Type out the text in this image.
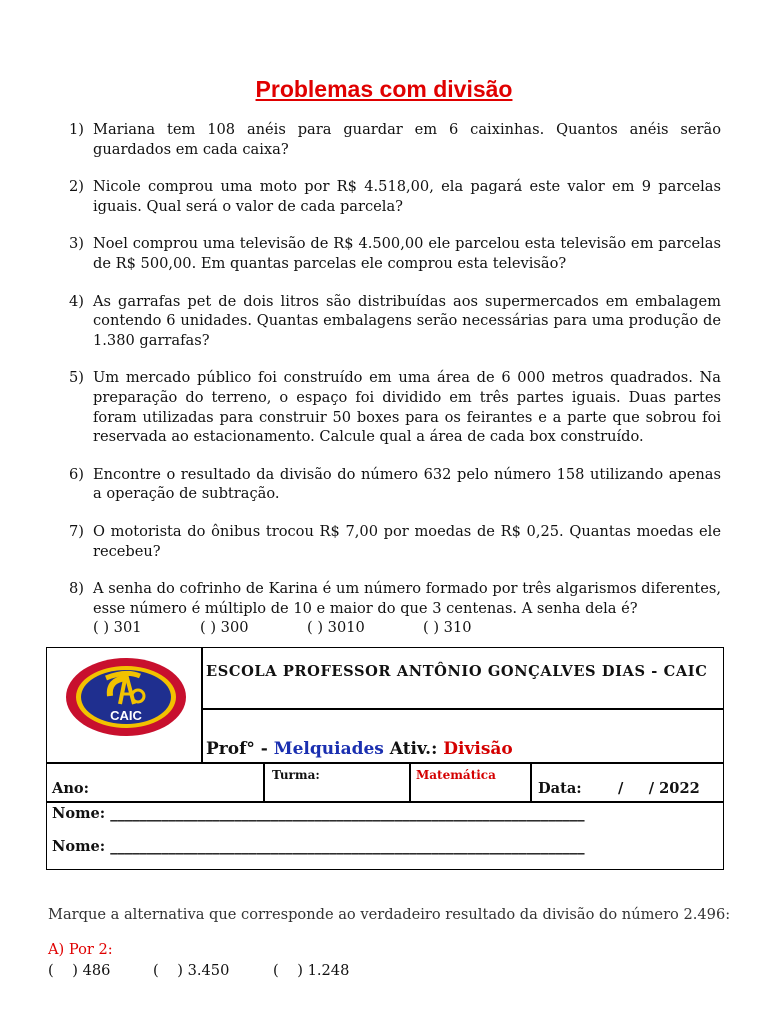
Problemas com divisão
1) Mariana tem 108 anéis para guardar em 6 caixinhas. Quantos anéis serão guardados em cada caixa?
2) Nicole comprou uma moto por R$ 4.518,00, ela pagará este valor em 9 parcelas iguais. Qual será o valor de cada parcela?
3) Noel comprou uma televisão de R$ 4.500,00 ele parcelou esta televisão em parcelas de R$ 500,00. Em quantas parcelas ele comprou esta televisão?
4) As garrafas pet de dois litros são distribuídas aos supermercados em embalagem contendo 6 unidades. Quantas embalagens serão necessárias para uma produção de 1.380 garrafas?
5) Um mercado público foi construído em uma área de 6 000 metros quadrados. Na preparação do terreno, o espaço foi dividido em três partes iguais. Duas partes foram utilizadas para construir 50 boxes para os feirantes e a parte que sobrou foi reservada ao estacionamento. Calcule qual a área de cada box construído.
6) Encontre o resultado da divisão do número 632 pelo número 158 utilizando apenas a operação de subtração.
7) O motorista do ônibus trocou R$ 7,00 por moedas de R$ 0,25. Quantas moedas ele recebeu?
8) A senha do cofrinho de Karina é um número formado por três algarismos diferentes, esse número é múltiplo de 10 e maior do que 3 centenas. A senha dela é?
( ) 301	( ) 300	( ) 3010	( ) 310
CAIC
ESCOLA PROFESSOR ANTÔNIO GONÇALVES DIAS - CAIC
Prof° - Melquiades Ativ.: Divisão
Ano:
Turma:	Matemática
Data: /     / 2022
Nome: _________________________________________________________________
Nome: _________________________________________________________________
Marque a alternativa que corresponde ao verdadeiro resultado da divisão do número 2.496:
A) Por 2:
(    ) 486	(    ) 3.450	(    ) 1.248
